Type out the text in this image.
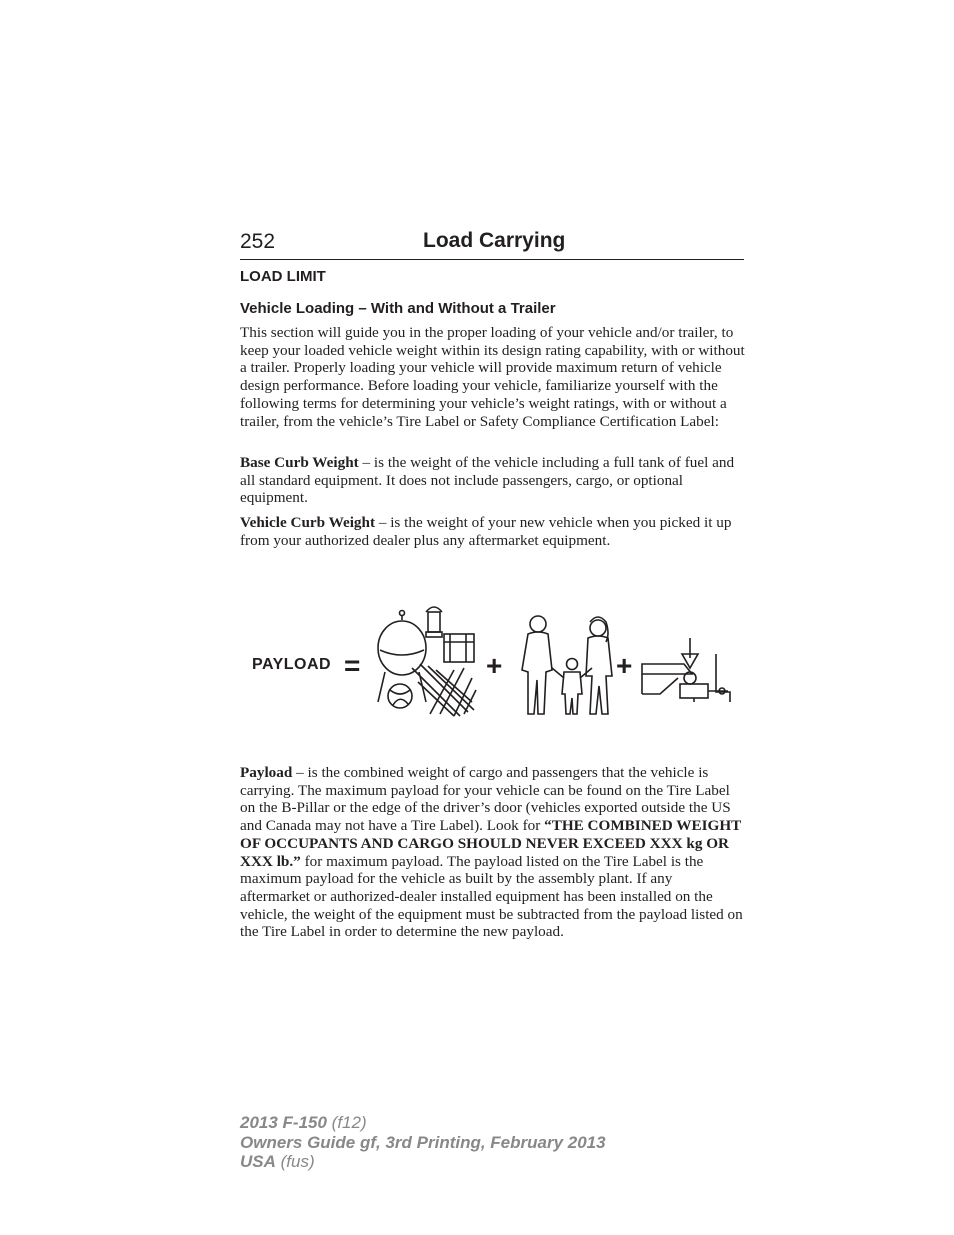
252	Load Carrying
LOAD LIMIT
Vehicle Loading – With and Without a Trailer

This section will guide you in the proper loading of your vehicle and/or trailer, to keep your loaded vehicle weight within its design rating capability, with or without a trailer. Properly loading your vehicle will provide maximum return of vehicle design performance. Before loading your vehicle, familiarize yourself with the following terms for determining your vehicle’s weight ratings, with or without a trailer, from the vehicle’s Tire Label or Safety Compliance Certification Label:

Base Curb Weight – is the weight of the vehicle including a full tank of fuel and all standard equipment. It does not include passengers, cargo, or optional equipment.

Vehicle Curb Weight – is the weight of your new vehicle when you picked it up from your authorized dealer plus any aftermarket equipment.

PAYLOAD =	+	+

Payload – is the combined weight of cargo and passengers that the vehicle is carrying. The maximum payload for your vehicle can be found on the Tire Label on the B-Pillar or the edge of the driver’s door (vehicles exported outside the US and Canada may not have a Tire Label). Look for “THE COMBINED WEIGHT OF OCCUPANTS AND CARGO SHOULD NEVER EXCEED XXX kg OR XXX lb.” for maximum payload. The payload listed on the Tire Label is the maximum payload for the vehicle as built by the assembly plant. If any aftermarket or authorized-dealer installed equipment has been installed on the vehicle, the weight of the equipment must be subtracted from the payload listed on the Tire Label in order to determine the new payload.

2013 F-150 (f12)
Owners Guide gf, 3rd Printing, February 2013
USA (fus)
